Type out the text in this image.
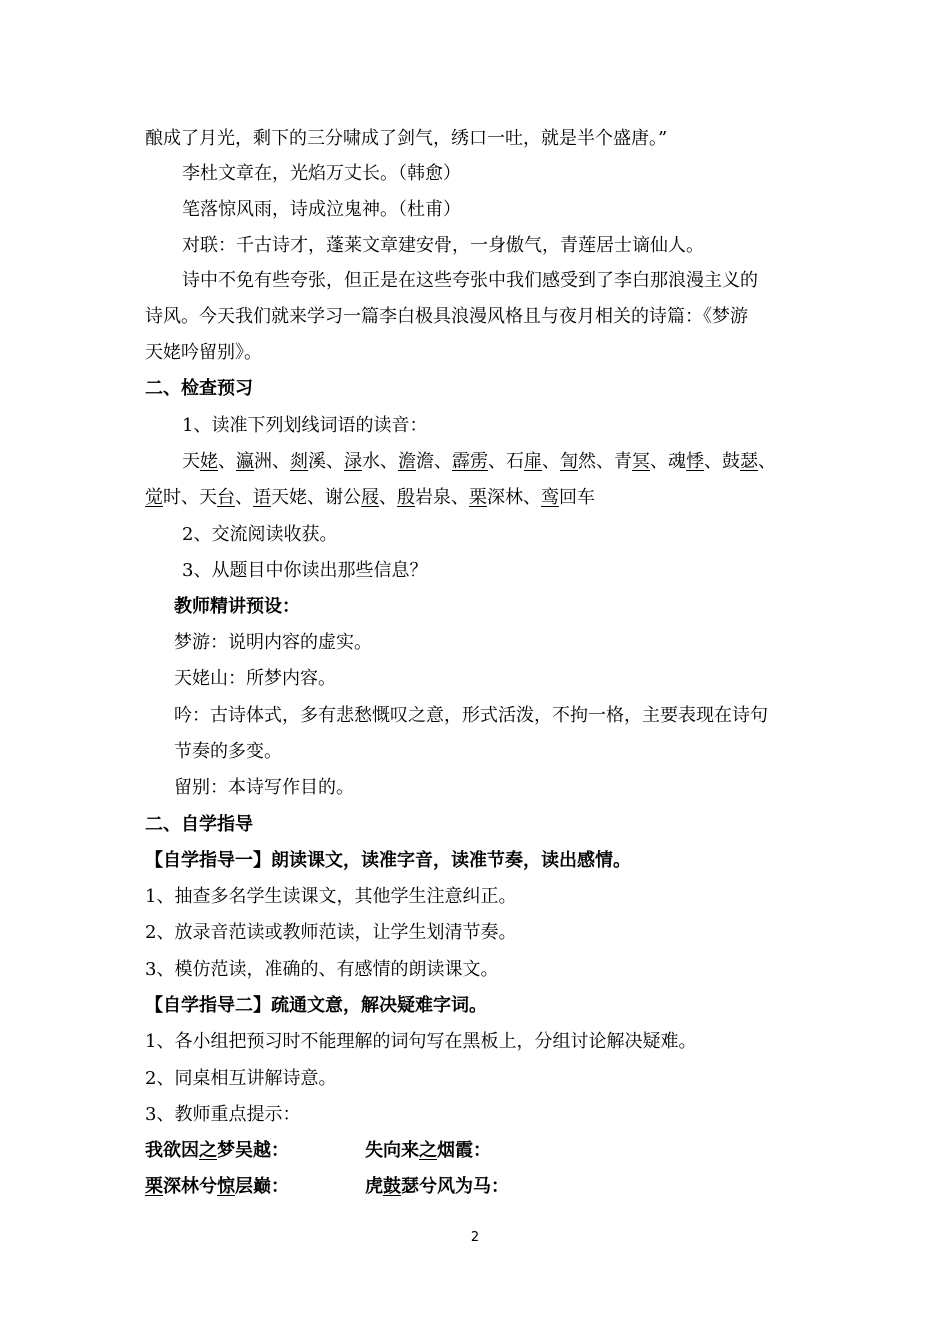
酿成了月光，剩下的三分啸成了剑气，绣口一吐，就是半个盛唐。”
李杜文章在，光焰万丈长。（韩愈）
笔落惊风雨，诗成泣鬼神。（杜甫）
对联：千古诗才，蓬莱文章建安骨，一身傲气，青莲居士谪仙人。
诗中不免有些夸张，但正是在这些夸张中我们感受到了李白那浪漫主义的
诗风。今天我们就来学习一篇李白极具浪漫风格且与夜月相关的诗篇：《梦游
天姥吟留别》。
二、检查预习
1、读准下列划线词语的读音：
天姥、瀛洲、剡溪、渌水、澹澹、霹雳、石扉、訇然、青冥、魂悸、鼓瑟、
觉时、天台、语天姥、谢公屐、殷岩泉、栗深林、鸾回车
2、交流阅读收获。
3、从题目中你读出那些信息？
教师精讲预设：
梦游：说明内容的虚实。
天姥山：所梦内容。
吟：古诗体式，多有悲愁慨叹之意，形式活泼，不拘一格，主要表现在诗句
节奏的多变。
留别：本诗写作目的。
二、自学指导
【自学指导一】朗读课文，读准字音，读准节奏，读出感情。
1、抽查多名学生读课文，其他学生注意纠正。
2、放录音范读或教师范读，让学生划清节奏。
3、模仿范读，准确的、有感情的朗读课文。
【自学指导二】疏通文意，解决疑难字词。
1、各小组把预习时不能理解的词句写在黑板上，分组讨论解决疑难。
2、同桌相互讲解诗意。
3、教师重点提示：
我欲因之梦吴越：	失向来之烟霞：
栗深林兮惊层巅：	虎鼓瑟兮风为马：
2
